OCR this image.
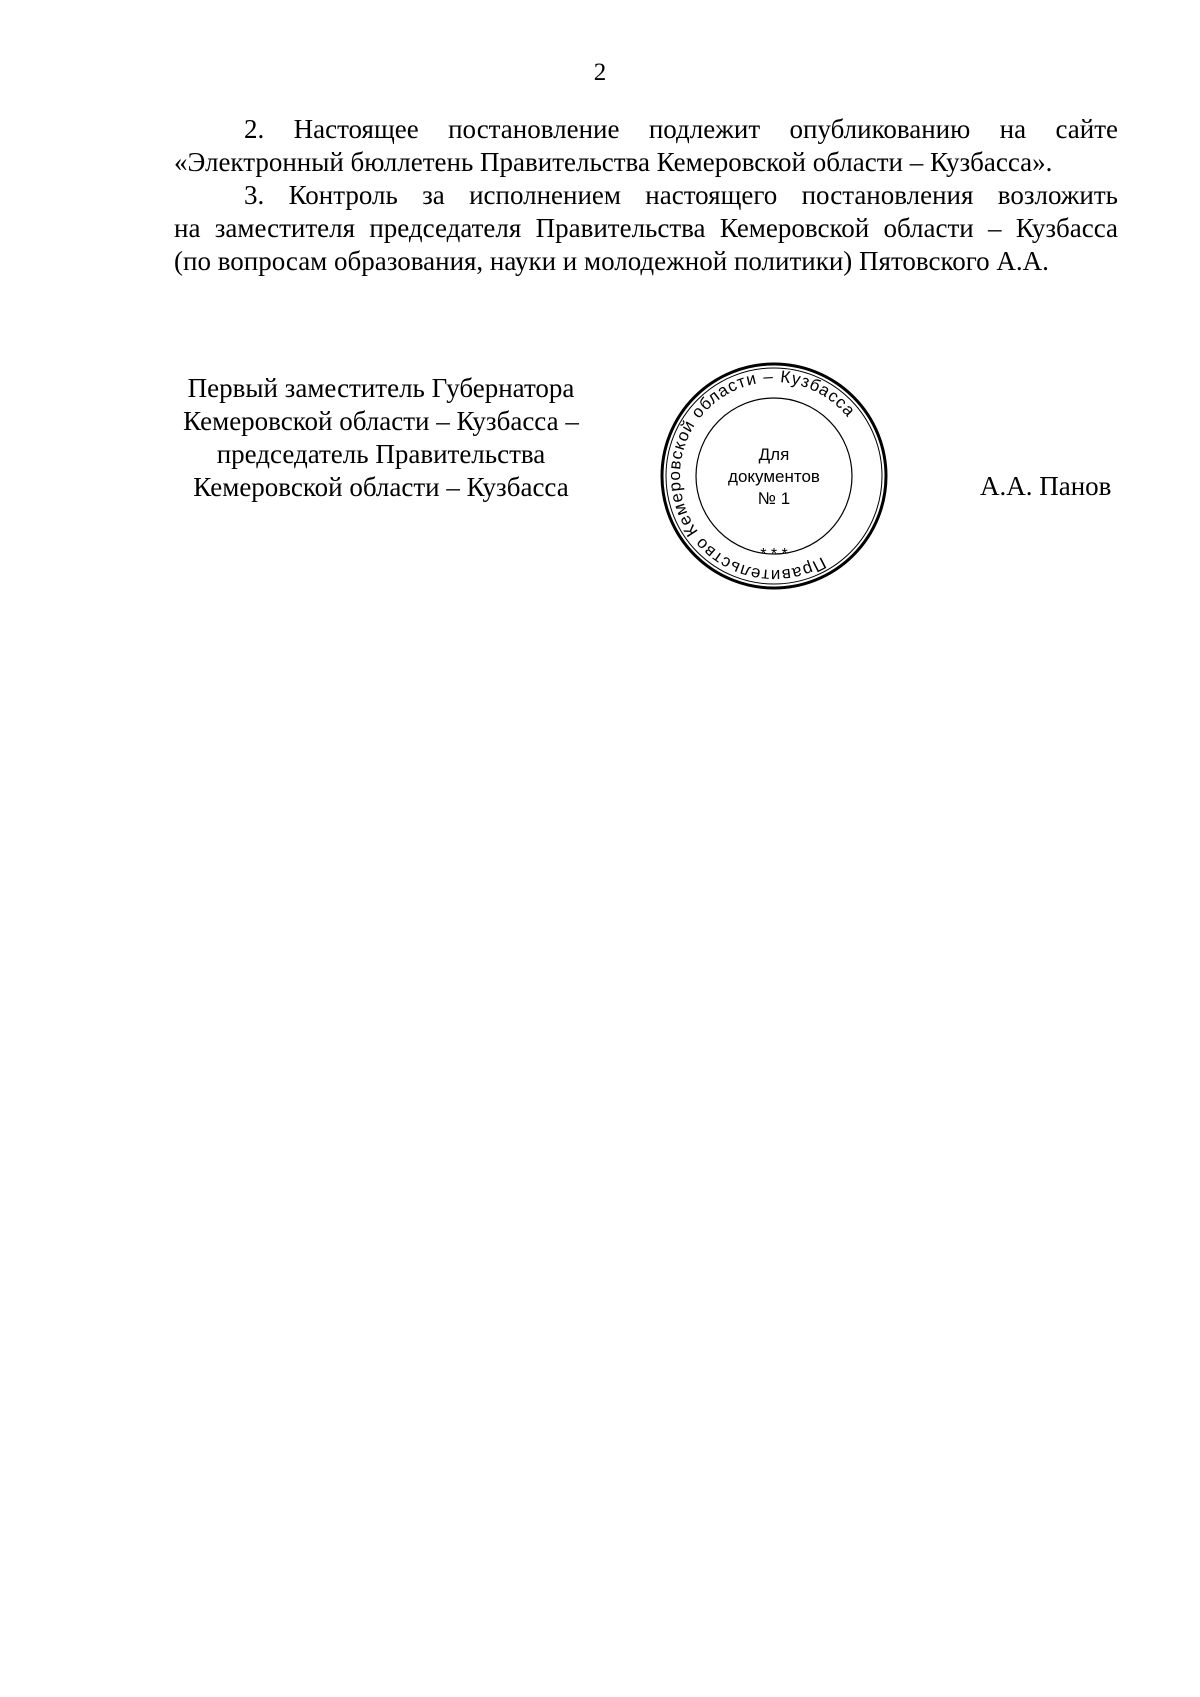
2

2. Настоящее постановление подлежит опубликованию на сайте
«Электронный бюллетень Правительства Кемеровской области – Кузбасса».

3. Контроль за исполнением настоящего постановления возложить
на заместителя председателя Правительства Кемеровской области – Кузбасса
(по вопросам образования, науки и молодежной политики) Пятовского А.А.

Первый заместитель Губернатора
Кемеровской области – Кузбасса –
председатель Правительства
Кемеровской области – Кузбасса
Правительство Кемеровской области – Кузбасса
* * *
Для
документов
№ 1	А.А. Панов
